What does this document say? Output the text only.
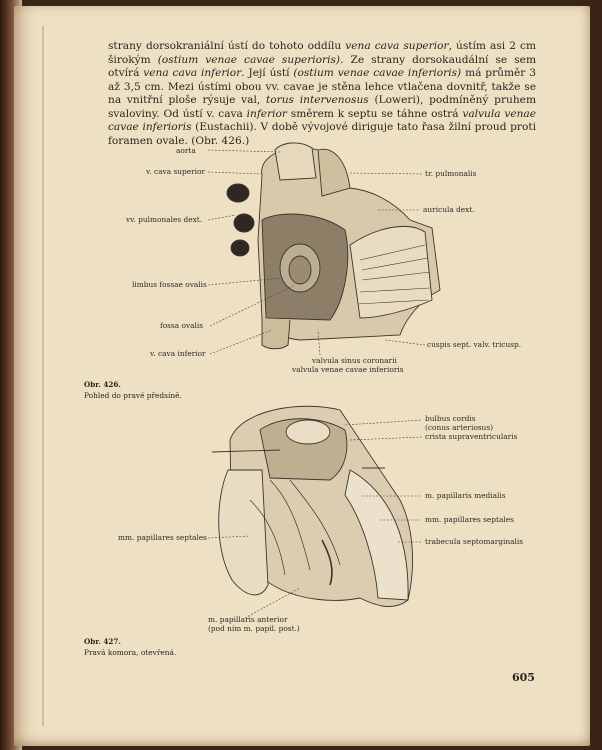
strany dorsokraniální ústí do tohoto oddílu vena cava superior, ústím asi 2 cm širokým (ostium venae cavae superioris). Ze strany dorsokaudální se sem otvírá vena cava inferior. Její ústí (ostium venae cavae inferioris) má průměr 3 až 3,5 cm. Mezi ústími obou vv. cavae je stěna lehce vtlačena dovnitř, takže se na vnitřní ploše rýsuje val, torus intervenosus (Loweri), podmíněný pruhem svaloviny. Od ústí v. cava inferior směrem k septu se táhne ostrá valvula venae cavae inferioris (Eustachii). V době vývojové diriguje tato řasa žilní proud proti foramen ovale. (Obr. 426.)

aorta
v. cava superior
vv. pulmonales dext.
limbus fossae ovalis
fossa ovalis
v. cava inferior
tr. pulmonalis
auricula dext.
cuspis sept. valv. tricusp.
valvula sinus coronarii
valvula venae cavae inferioris
Obr. 426.
Pohled do pravé předsíně.
bulbus cordis
(conus arteriosus)
crista supraventricularis
m. papillaris medialis
mm. papillares septales
trabecula septomarginalis
mm. papillares septales
m. papillaris anterior
(pod ním m. papil. post.)
Obr. 427.
Pravá komora, otevřená.
605
